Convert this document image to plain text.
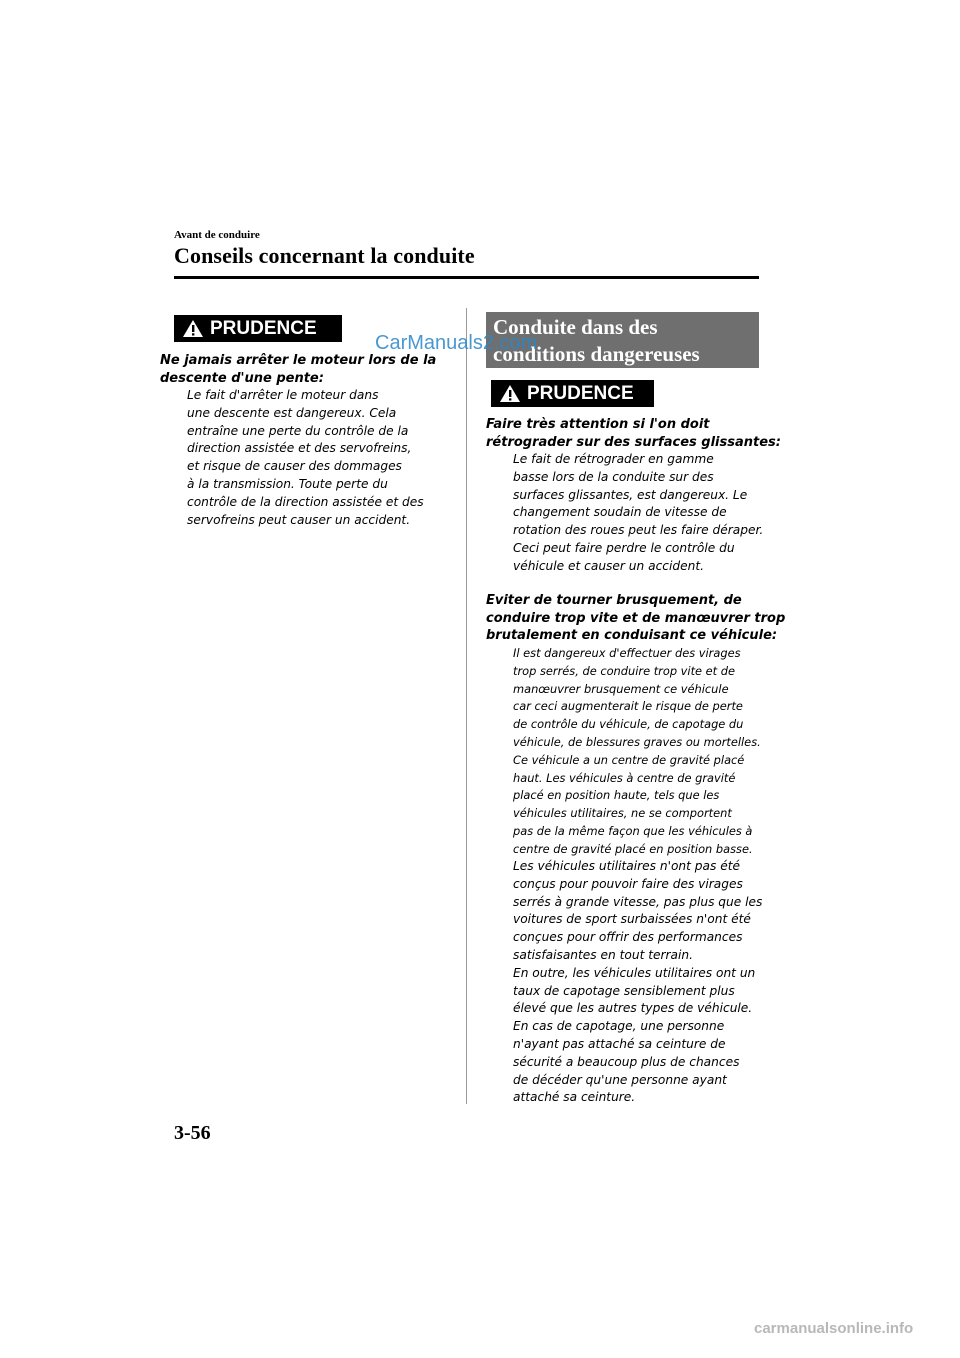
Avant de conduire
Conseils concernant la conduite
PRUDENCE
Ne jamais arrêter le moteur lors de la
descente d'une pente:
Le fait d'arrêter le moteur dans
une descente est dangereux. Cela
entraîne une perte du contrôle de la
direction assistée et des servofreins,
et risque de causer des dommages
à la transmission. Toute perte du
contrôle de la direction assistée et des
servofreins peut causer un accident.
Conduite dans des
conditions dangereuses
PRUDENCE
Faire très attention si l'on doit
rétrograder sur des surfaces glissantes:
Le fait de rétrograder en gamme
basse lors de la conduite sur des
surfaces glissantes, est dangereux. Le
changement soudain de vitesse de
rotation des roues peut les faire déraper.
Ceci peut faire perdre le contrôle du
véhicule et causer un accident.
Eviter de tourner brusquement, de
conduire trop vite et de manœuvrer trop
brutalement en conduisant ce véhicule:
Il est dangereux d'effectuer des virages
trop serrés, de conduire trop vite et de
manœuvrer brusquement ce véhicule
car ceci augmenterait le risque de perte
de contrôle du véhicule, de capotage du
véhicule, de blessures graves ou mortelles.
Ce véhicule a un centre de gravité placé
haut. Les véhicules à centre de gravité
placé en position haute, tels que les
véhicules utilitaires, ne se comportent
pas de la même façon que les véhicules à
centre de gravité placé en position basse.
Les véhicules utilitaires n'ont pas été
conçus pour pouvoir faire des virages
serrés à grande vitesse, pas plus que les
voitures de sport surbaissées n'ont été
conçues pour offrir des performances
satisfaisantes en tout terrain.
En outre, les véhicules utilitaires ont un
taux de capotage sensiblement plus
élevé que les autres types de véhicule.
En cas de capotage, une personne
n'ayant pas attaché sa ceinture de
sécurité a beaucoup plus de chances
de décéder qu'une personne ayant
attaché sa ceinture.
CarManuals2.com
3-56
carmanualsonline.info
